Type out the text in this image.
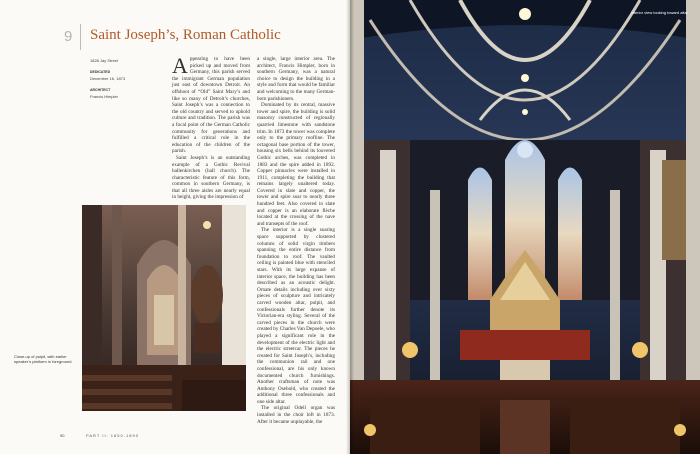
9 Saint Joseph’s, Roman Catholic
1828 Jay Street
DEDICATED
December 16, 1873
ARCHITECT
Francis Himpler
A ppearing to have been picked up and moved from Germany, this parish served the immigrant German population just east of downtown Detroit. An offshoot of “Old” Saint Mary’s and like so many of Detroit’s churches, Saint Joseph’s was a connection to the old country and served to uphold culture and tradition. The parish was a focal point of the German Catholic community for generations and fulfilled a critical role in the education of the children of the parish.

Saint Joseph’s is an outstanding example of a Gothic Revival hallenkirchen (hall church). The characteristic feature of this form, common in southern Germany, is that all three aisles are nearly equal in height, giving the impression of

a single, large interior area. The architect, Francis Himpler, born in southern Germany, was a natural choice to design the building in a style and form that would be familiar and welcoming to the many German-born parishioners.

Dominated by its central, massive tower and spire, the building is solid masonry constructed of regionally quarried limestone with sandstone trim. In 1873 the tower was complete only to the primary roofline. The octagonal base portion of the tower, housing six bells behind its louvered Gothic arches, was completed in 1883 and the spire added in 1892. Copper pinnacles were installed in 1911, completing the building that remains largely unaltered today. Covered in slate and copper, the tower and spire soar to nearly three hundred feet. Also covered in slate and copper is an elaborate flèche located at the crossing of the nave and transepts of the roof.

The interior is a single soaring space supported by clustered columns of solid virgin timbers spanning the entire distance from foundation to roof. The vaulted ceiling is painted blue with stenciled stars. With its large expanse of interior space, the building has been described as an acoustic delight. Ornate details including over sixty pieces of sculpture and intricately carved wooden altar, pulpit, and confessionals further denote its Victorian-era styling. Several of the carved pieces in the church were created by Charles Van Depoele, who played a significant role in the development of the electric light and the electric streetcar. The pieces he created for Saint Joseph’s, including the communion rail and one confessional, are his only known documented church furnishings. Another craftsman of note was Anthony Osebold, who created the additional three confessionals and one side altar.

The original Odell organ was installed in the choir loft in 1873. After it became unplayable, the

Close-up of pulpit, with earlier speaker’s platform in foreground
90	PART II: 1850-1890
Interior view looking toward altar
